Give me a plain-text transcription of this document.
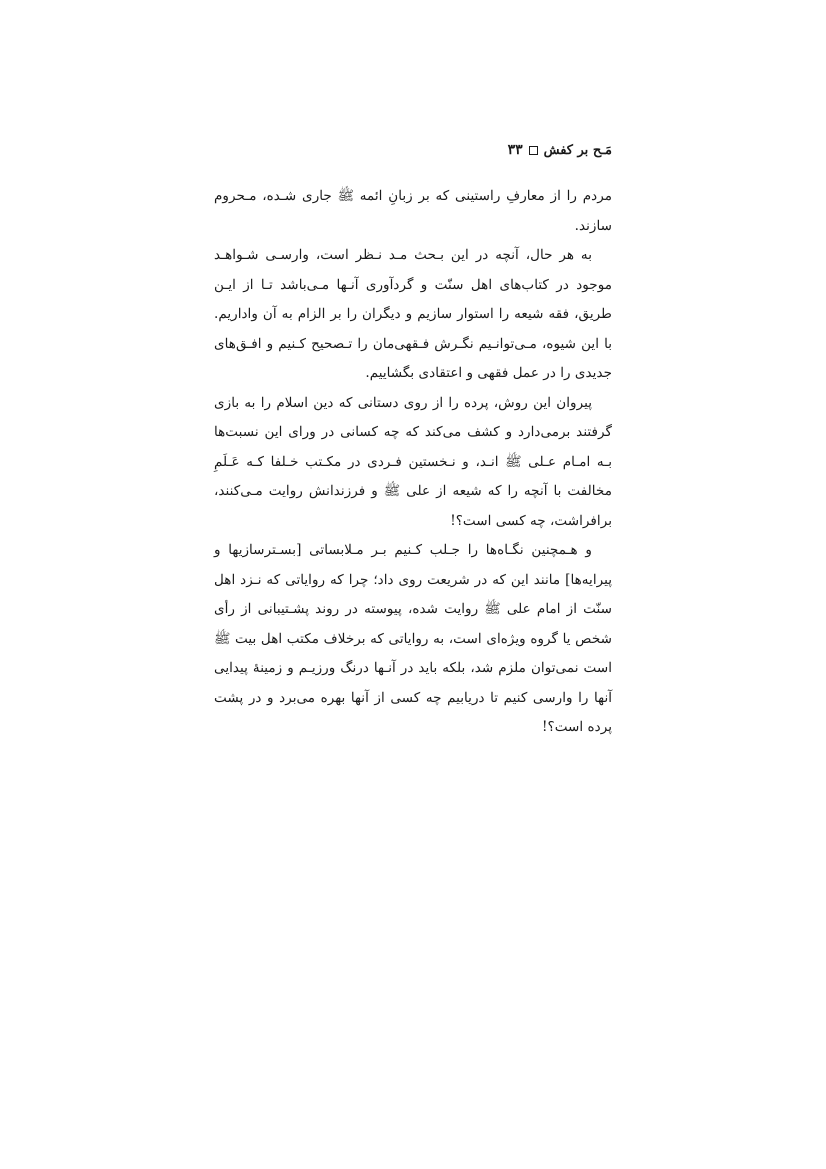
مَـح بر کفش
۳۳

مردم را از معارفِ راستینی که بر زبانِ ائمه ﷺ جاری شـده، مـحروم سازند.

به هر حال، آنچه در این بـحث مـد نـظر است، وارسـی شـواهـد موجود در کتاب‌های اهل سنّت و گردآوری آنـها مـی‌باشد تـا از ایـن طریق، فقه شیعه را استوار سازیم و دیگران را بر الزام به آن واداریم. با این شیوه، مـی‌توانـیم نگـرش فـقهی‌مان را تـصحیح کـنیم و افـق‌های جدیدی را در عمل فقهی و اعتقادی بگشاییم.

پیروان این روش، پرده را از روی دستانی که دین اسلام را به بازی گرفتند برمی‌دارد و کشف می‌کند که چه کسانی در ورای این نسبت‌ها بـه امـام عـلی ﷺ انـد، و نـخستین فـردی در مکـتب خـلفا کـه عَـلَمِ مخالفت با آنچه را که شیعه از علی ﷺ و فرزندانش روایت مـی‌کنند، برافراشت، چه کسی است؟!

و هـمچنین نگـاه‌ها را جـلب کـنیم بـر مـلابساتی [بسـترسازیها و پیرایه‌ها] مانند این که در شریعت روی داد؛ چرا که روایاتی که نـزد اهل سنّت از امام علی ﷺ روایت شده، پیوسته در روند پشـتیبانی از رأی شخص یا گروه ویژه‌ای است، به روایاتی که برخلاف مکتب اهل بیت ﷺ است نمی‌توان ملزم شد، بلکه باید در آنـها درنگ ورزیـم و زمینهٔ پیدایی آنها را وارسی کنیم تا دریابیم چه کسی از آنها بهره می‌برد و در پشت پرده است؟!
